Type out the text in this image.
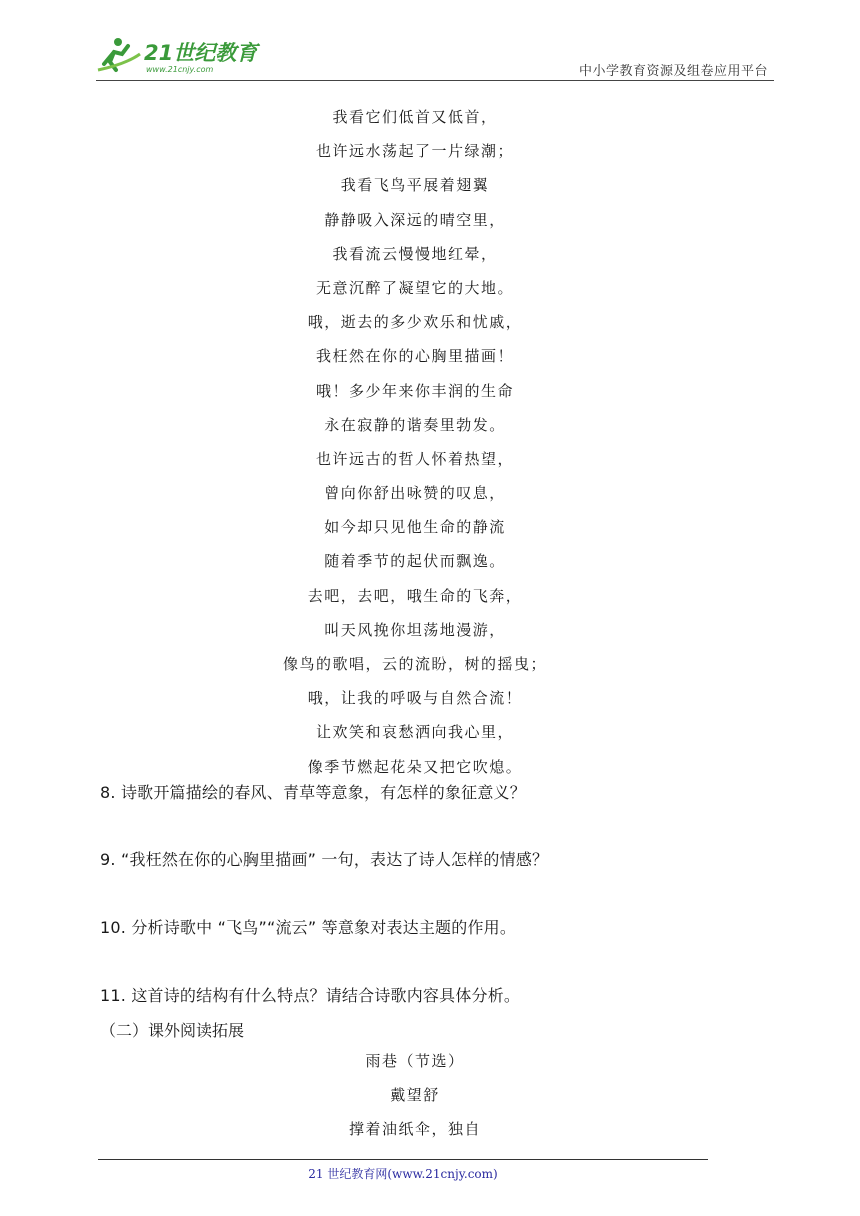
21世纪教育
www.21cnjy.com	中小学教育资源及组卷应用平台
我看它们低首又低首，
也许远水荡起了一片绿潮；
我看飞鸟平展着翅翼
静静吸入深远的晴空里，
我看流云慢慢地红晕，
无意沉醉了凝望它的大地。
哦，逝去的多少欢乐和忧戚，
我枉然在你的心胸里描画！
哦！多少年来你丰润的生命
永在寂静的谐奏里勃发。
也许远古的哲人怀着热望，
曾向你舒出咏赞的叹息，
如今却只见他生命的静流
随着季节的起伏而飘逸。
去吧，去吧，哦生命的飞奔，
叫天风挽你坦荡地漫游，
像鸟的歌唱，云的流盼，树的摇曳；
哦，让我的呼吸与自然合流！
让欢笑和哀愁洒向我心里，
像季节燃起花朵又把它吹熄。
8. 诗歌开篇描绘的春风、青草等意象，有怎样的象征意义？
9. “我枉然在你的心胸里描画” 一句，表达了诗人怎样的情感？
10. 分析诗歌中 “飞鸟”“流云” 等意象对表达主题的作用。
11. 这首诗的结构有什么特点？请结合诗歌内容具体分析。
（二）课外阅读拓展
雨巷（节选）
戴望舒
撑着油纸伞，独自
21 世纪教育网(www.21cnjy.com)
